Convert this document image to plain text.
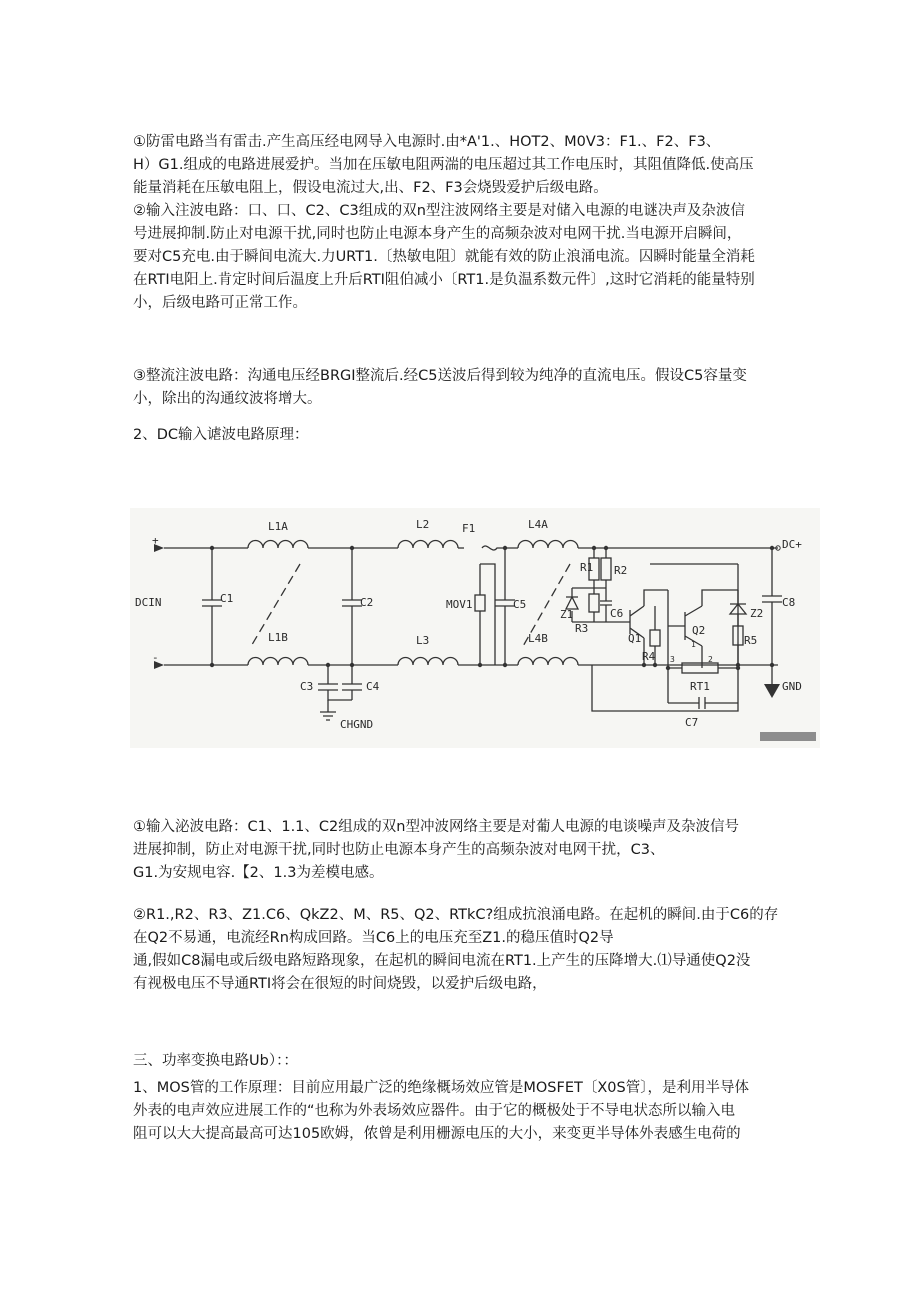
①防雷电路当有雷击.产生高压经电网导入电源时.由*A'1.、HOT2、M0V3：F1.、F2、F3、
H）G1.组成的电路进展爱护。当加在压敏电阻两湍的电压超过其工作电压时，其阻值降低.使高压
能量消耗在压敏电阻上，假设电流过大,出、F2、F3会烧毁爱护后级电路。
②输入注波电路：口、口、C2、C3组成的双n型注波网络主要是对储入电源的电谜决声及杂波信
号进展抑制.防止对电源干扰,同时也防止电源本身产生的高频杂波对电网干扰.当电源开启瞬间，
要对C5充电.由于瞬间电流大.力URT1.〔热敏电阻〕就能有效的防止浪涌电流。囚瞬时能量全消耗
在RTI电阳上.肯定时间后温度上升后RTI阻伯减小〔RT1.是负温系数元件〕,这时它消耗的能量特别
小，后级电路可正常工作。
③整流注波电路：沟通电压经BRGI整流后.经C5送波后得到较为纯净的直流电压。假设C5容量变
小，除出的沟通纹波将增大。
2、DC输入谑波电路原理：
+
-
DCIN	C1
L1A
L1B
C2
C3	C4
CHGND
L2
L3
F1
MOV1	C5
L4A
L4B
Z1
R1 R2
R3
C6
Q1
Q2
R4
RT1
C7
Z2
R5
C8
DC+
GND
1
3	2
①输入泌波电路：C1、1.1、C2组成的双n型冲波网络主要是对葡人电源的电谈噪声及杂波信号
进展抑制，防止对电源干扰,同时也防止电源本身产生的高频杂波对电网干扰，C3、
G1.为安规电容.【2、1.3为差模电感。
②R1.,R2、R3、Z1.C6、QkZ2、M、R5、Q2、RTkC?组成抗浪涌电路。在起机的瞬间.由于C6的存
在Q2不易通，电流经Rn构成回路。当C6上的电压充至Z1.的稳压值时Q2导
通,假如C8漏电或后级电路短路现象，在起机的瞬间电流在RT1.上产生的压降增大.⑴导通使Q2没
有视极电压不导通RTI将会在很短的时间烧毁，以爱护后级电路，
三、功率变换电路Ub）：：
1、MOS管的工作原理：目前应用最广泛的绝缘概场效应管是MOSFET〔X0S管〕，是利用半导体
外表的电声效应进展工作的“也称为外表场效应器件。由于它的概极处于不导电状态所以输入电
阻可以大大提高最高可达105欧姆，侬曾是利用栅源电压的大小，来变更半导体外表感生电荷的
